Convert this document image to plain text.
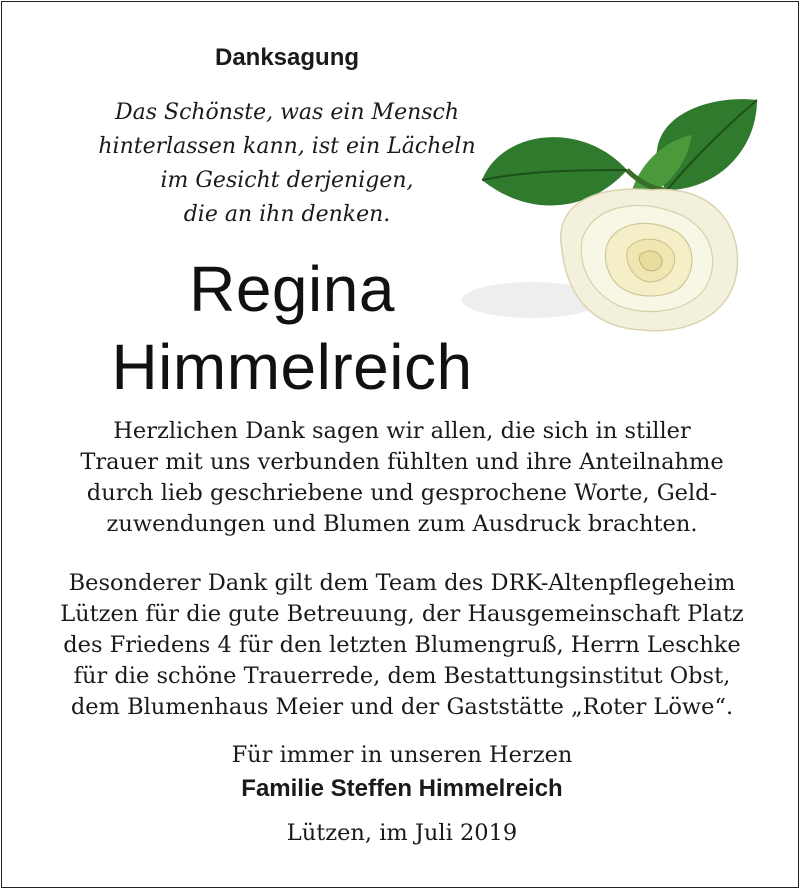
Danksagung
Das Schönste, was ein Mensch
hinterlassen kann, ist ein Lächeln
im Gesicht derjenigen,
die an ihn denken.
Regina
Himmelreich
Herzlichen Dank sagen wir allen, die sich in stiller
Trauer mit uns verbunden fühlten und ihre Anteilnahme
durch lieb geschriebene und gesprochene Worte, Geld-
zuwendungen und Blumen zum Ausdruck brachten.
Besonderer Dank gilt dem Team des DRK-Altenpflegeheim
Lützen für die gute Betreuung, der Hausgemeinschaft Platz
des Friedens 4 für den letzten Blumengruß, Herrn Leschke
für die schöne Trauerrede, dem Bestattungsinstitut Obst,
dem Blumenhaus Meier und der Gaststätte „Roter Löwe“.
Für immer in unseren Herzen
Familie Steffen Himmelreich
Lützen, im Juli 2019
